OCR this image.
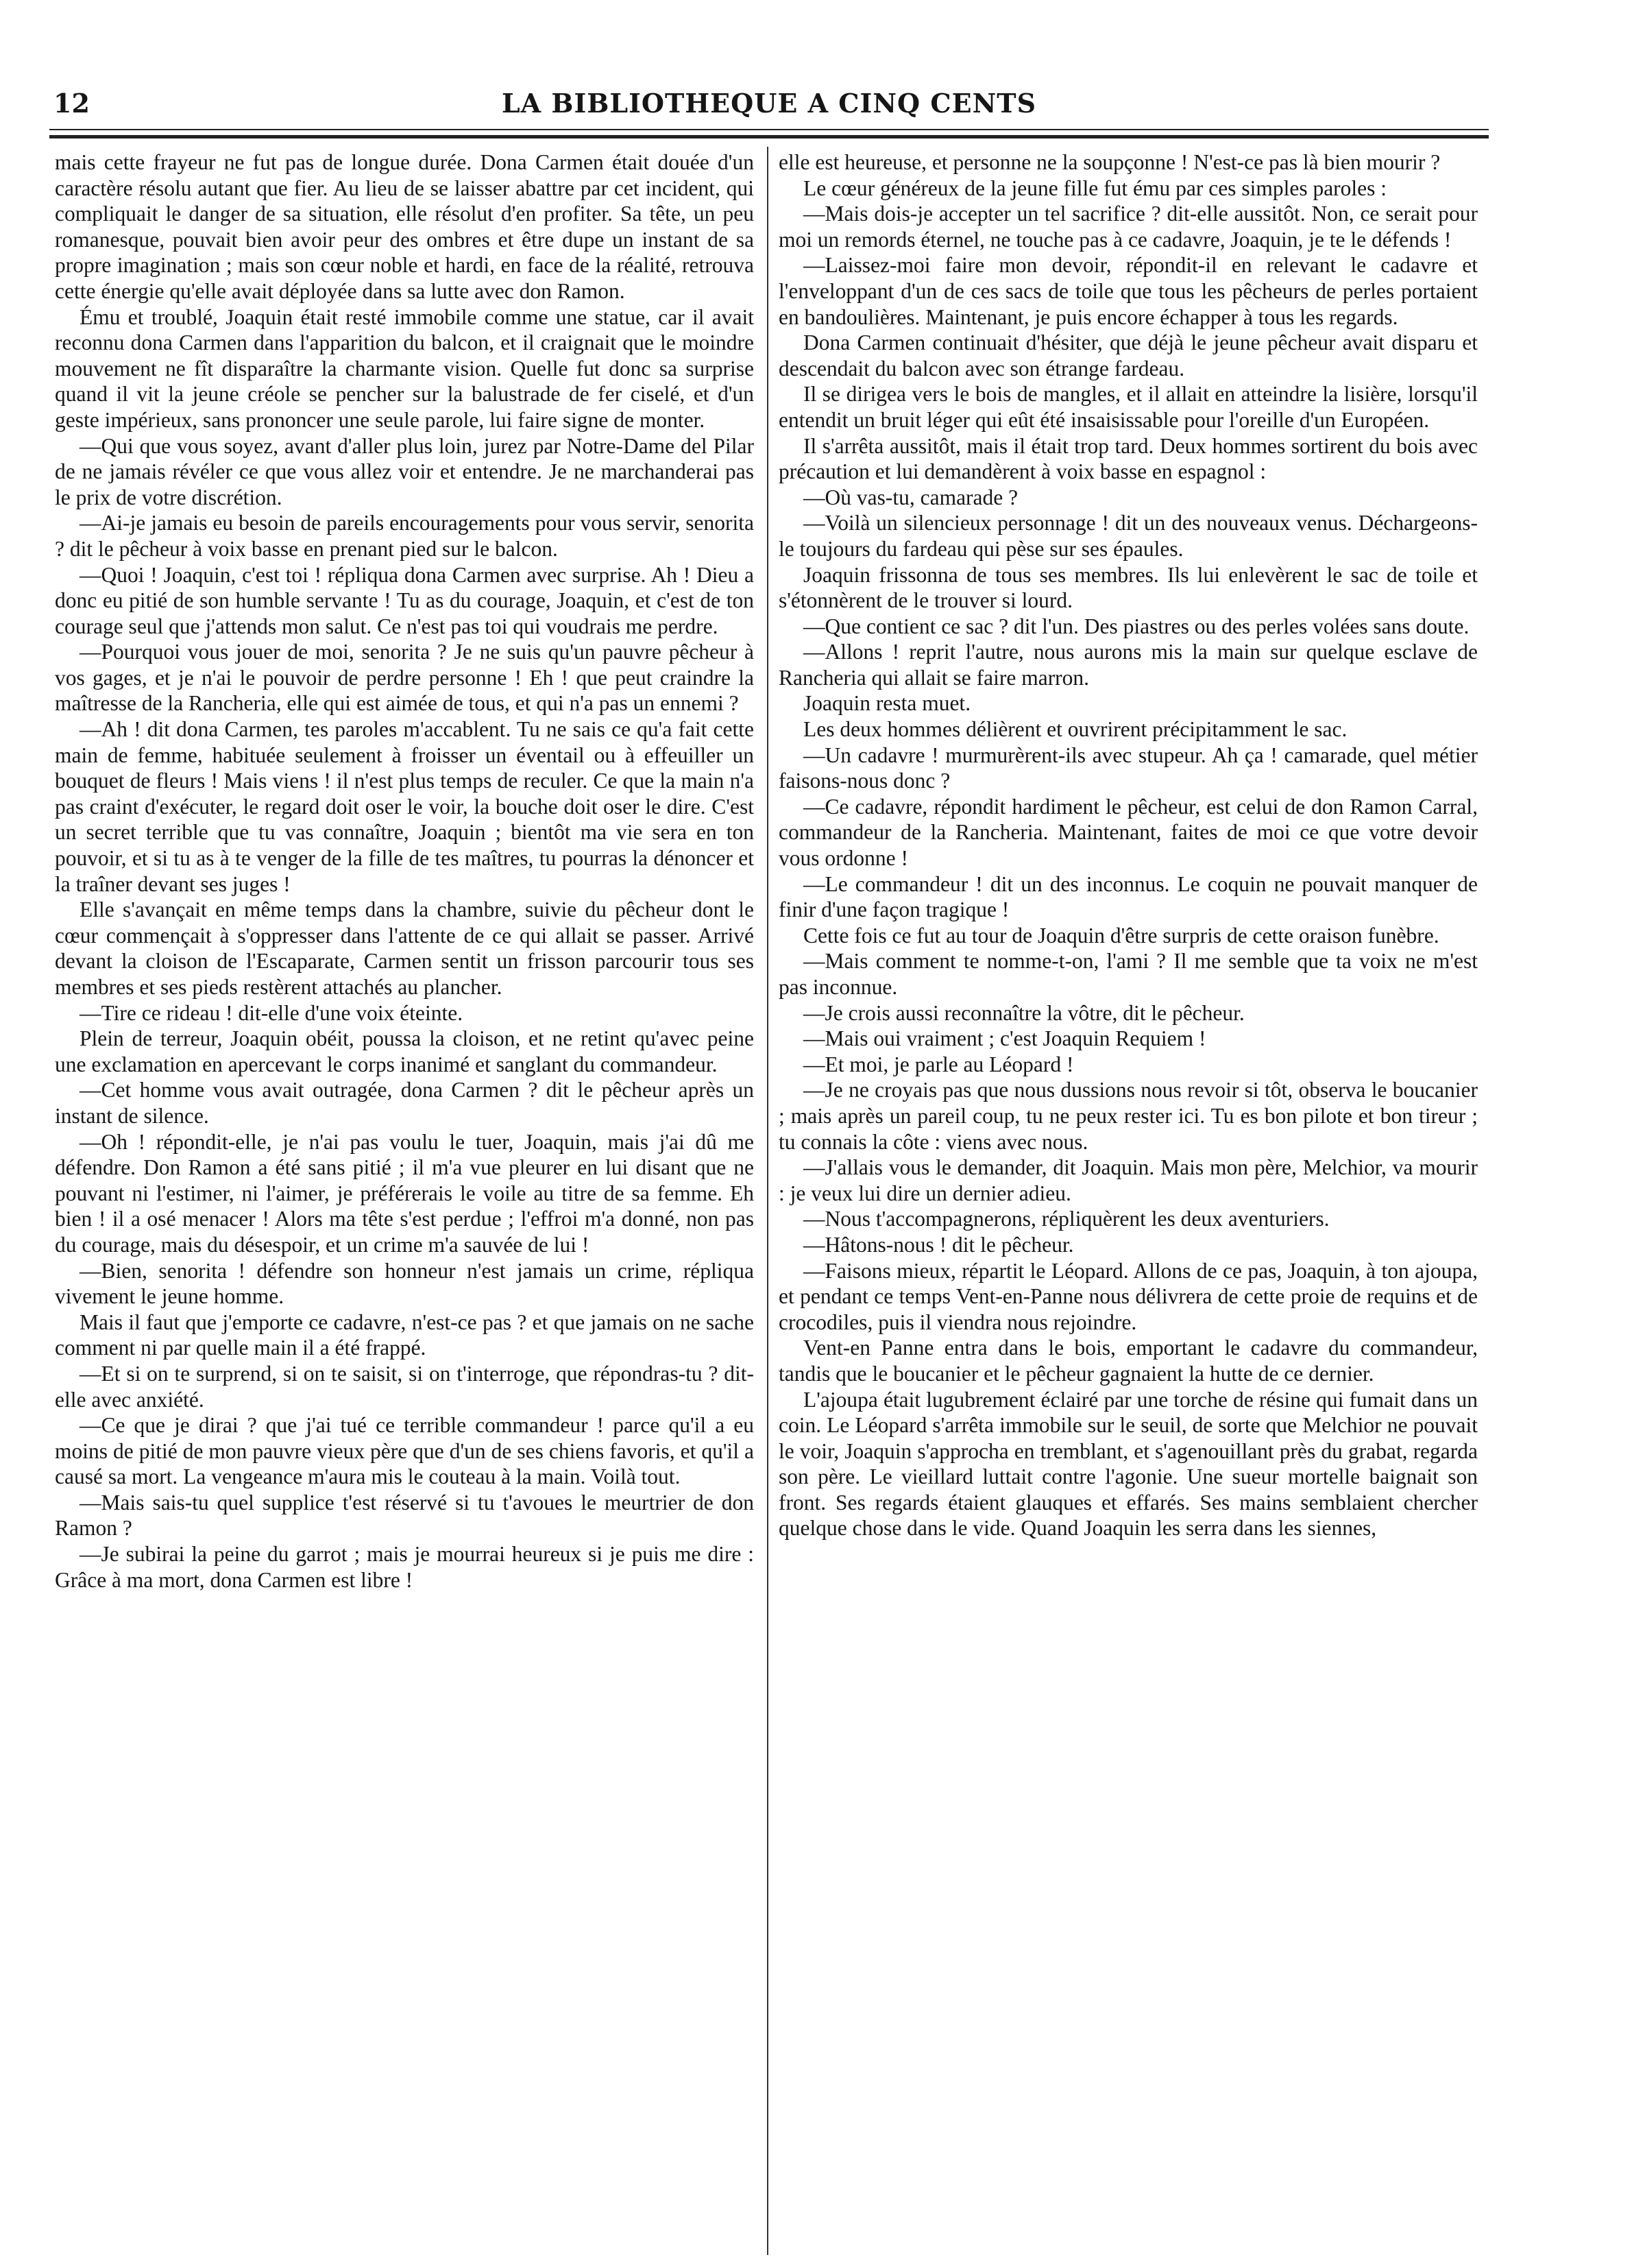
12	LA BIBLIOTHEQUE A CINQ CENTS

mais cette frayeur ne fut pas de longue durée. Dona Carmen était douée d'un caractère résolu autant que fier. Au lieu de se laisser abattre par cet incident, qui compliquait le danger de sa situation, elle résolut d'en profiter. Sa tête, un peu romanesque, pouvait bien avoir peur des ombres et être dupe un instant de sa propre imagination ; mais son cœur noble et hardi, en face de la réalité, retrouva cette énergie qu'elle avait déployée dans sa lutte avec don Ramon.

Ému et troublé, Joaquin était resté immobile comme une statue, car il avait reconnu dona Carmen dans l'apparition du balcon, et il craignait que le moindre mouvement ne fît disparaître la charmante vision. Quelle fut donc sa surprise quand il vit la jeune créole se pencher sur la balustrade de fer ciselé, et d'un geste impérieux, sans prononcer une seule parole, lui faire signe de monter.

—Qui que vous soyez, avant d'aller plus loin, jurez par Notre-Dame del Pilar de ne jamais révéler ce que vous allez voir et entendre. Je ne marchanderai pas le prix de votre discrétion.

—Ai-je jamais eu besoin de pareils encouragements pour vous servir, senorita ? dit le pêcheur à voix basse en prenant pied sur le balcon.

—Quoi ! Joaquin, c'est toi ! répliqua dona Carmen avec surprise. Ah ! Dieu a donc eu pitié de son humble servante ! Tu as du courage, Joaquin, et c'est de ton courage seul que j'attends mon salut. Ce n'est pas toi qui voudrais me perdre.

—Pourquoi vous jouer de moi, senorita ? Je ne suis qu'un pauvre pêcheur à vos gages, et je n'ai le pouvoir de perdre personne ! Eh ! que peut craindre la maîtresse de la Rancheria, elle qui est aimée de tous, et qui n'a pas un ennemi ?

—Ah ! dit dona Carmen, tes paroles m'accablent. Tu ne sais ce qu'a fait cette main de femme, habituée seulement à froisser un éventail ou à effeuiller un bouquet de fleurs ! Mais viens ! il n'est plus temps de reculer. Ce que la main n'a pas craint d'exécuter, le regard doit oser le voir, la bouche doit oser le dire. C'est un secret terrible que tu vas connaître, Joaquin ; bientôt ma vie sera en ton pouvoir, et si tu as à te venger de la fille de tes maîtres, tu pourras la dénoncer et la traîner devant ses juges !

Elle s'avançait en même temps dans la chambre, suivie du pêcheur dont le cœur commençait à s'oppresser dans l'attente de ce qui allait se passer. Arrivé devant la cloison de l'Escaparate, Carmen sentit un frisson parcourir tous ses membres et ses pieds restèrent attachés au plancher.

—Tire ce rideau ! dit-elle d'une voix éteinte.

Plein de terreur, Joaquin obéit, poussa la cloison, et ne retint qu'avec peine une exclamation en apercevant le corps inanimé et sanglant du commandeur.

—Cet homme vous avait outragée, dona Carmen ? dit le pêcheur après un instant de silence.

—Oh ! répondit-elle, je n'ai pas voulu le tuer, Joaquin, mais j'ai dû me défendre. Don Ramon a été sans pitié ; il m'a vue pleurer en lui disant que ne pouvant ni l'estimer, ni l'aimer, je préférerais le voile au titre de sa femme. Eh bien ! il a osé menacer ! Alors ma tête s'est perdue ; l'effroi m'a donné, non pas du courage, mais du désespoir, et un crime m'a sauvée de lui !

—Bien, senorita ! défendre son honneur n'est jamais un crime, répliqua vivement le jeune homme.

Mais il faut que j'emporte ce cadavre, n'est-ce pas ? et que jamais on ne sache comment ni par quelle main il a été frappé.

—Et si on te surprend, si on te saisit, si on t'interroge, que répondras-tu ? dit-elle avec anxiété.

—Ce que je dirai ? que j'ai tué ce terrible commandeur ! parce qu'il a eu moins de pitié de mon pauvre vieux père que d'un de ses chiens favoris, et qu'il a causé sa mort. La vengeance m'aura mis le couteau à la main. Voilà tout.

—Mais sais-tu quel supplice t'est réservé si tu t'avoues le meurtrier de don Ramon ?

—Je subirai la peine du garrot ; mais je mourrai heureux si je puis me dire : Grâce à ma mort, dona Carmen est libre !

elle est heureuse, et personne ne la soupçonne ! N'est-ce pas là bien mourir ?

Le cœur généreux de la jeune fille fut ému par ces simples paroles :

—Mais dois-je accepter un tel sacrifice ? dit-elle aussitôt. Non, ce serait pour moi un remords éternel, ne touche pas à ce cadavre, Joaquin, je te le défends !

—Laissez-moi faire mon devoir, répondit-il en relevant le cadavre et l'enveloppant d'un de ces sacs de toile que tous les pêcheurs de perles portaient en bandoulières. Maintenant, je puis encore échapper à tous les regards.

Dona Carmen continuait d'hésiter, que déjà le jeune pêcheur avait disparu et descendait du balcon avec son étrange fardeau.

Il se dirigea vers le bois de mangles, et il allait en atteindre la lisière, lorsqu'il entendit un bruit léger qui eût été insaisissable pour l'oreille d'un Européen.

Il s'arrêta aussitôt, mais il était trop tard. Deux hommes sortirent du bois avec précaution et lui demandèrent à voix basse en espagnol :

—Où vas-tu, camarade ?

—Voilà un silencieux personnage ! dit un des nouveaux venus. Déchargeons-le toujours du fardeau qui pèse sur ses épaules.

Joaquin frissonna de tous ses membres. Ils lui enlevèrent le sac de toile et s'étonnèrent de le trouver si lourd.

—Que contient ce sac ? dit l'un. Des piastres ou des perles volées sans doute.

—Allons ! reprit l'autre, nous aurons mis la main sur quelque esclave de Rancheria qui allait se faire marron.

Joaquin resta muet.

Les deux hommes délièrent et ouvrirent précipitamment le sac.

—Un cadavre ! murmurèrent-ils avec stupeur. Ah ça ! camarade, quel métier faisons-nous donc ?

—Ce cadavre, répondit hardiment le pêcheur, est celui de don Ramon Carral, commandeur de la Rancheria. Maintenant, faites de moi ce que votre devoir vous ordonne !

—Le commandeur ! dit un des inconnus. Le coquin ne pouvait manquer de finir d'une façon tragique !

Cette fois ce fut au tour de Joaquin d'être surpris de cette oraison funèbre.

—Mais comment te nomme-t-on, l'ami ? Il me semble que ta voix ne m'est pas inconnue.

—Je crois aussi reconnaître la vôtre, dit le pêcheur.

—Mais oui vraiment ; c'est Joaquin Requiem !

—Et moi, je parle au Léopard !

—Je ne croyais pas que nous dussions nous revoir si tôt, observa le boucanier ; mais après un pareil coup, tu ne peux rester ici. Tu es bon pilote et bon tireur ; tu connais la côte : viens avec nous.

—J'allais vous le demander, dit Joaquin. Mais mon père, Melchior, va mourir : je veux lui dire un dernier adieu.

—Nous t'accompagnerons, répliquèrent les deux aventuriers.

—Hâtons-nous ! dit le pêcheur.

—Faisons mieux, répartit le Léopard. Allons de ce pas, Joaquin, à ton ajoupa, et pendant ce temps Vent-en-Panne nous délivrera de cette proie de requins et de crocodiles, puis il viendra nous rejoindre.

Vent-en Panne entra dans le bois, emportant le cadavre du commandeur, tandis que le boucanier et le pêcheur gagnaient la hutte de ce dernier.

L'ajoupa était lugubrement éclairé par une torche de résine qui fumait dans un coin. Le Léopard s'arrêta immobile sur le seuil, de sorte que Melchior ne pouvait le voir, Joaquin s'approcha en tremblant, et s'agenouillant près du grabat, regarda son père. Le vieillard luttait contre l'agonie. Une sueur mortelle baignait son front. Ses regards étaient glauques et effarés. Ses mains semblaient chercher quelque chose dans le vide. Quand Joaquin les serra dans les siennes,
